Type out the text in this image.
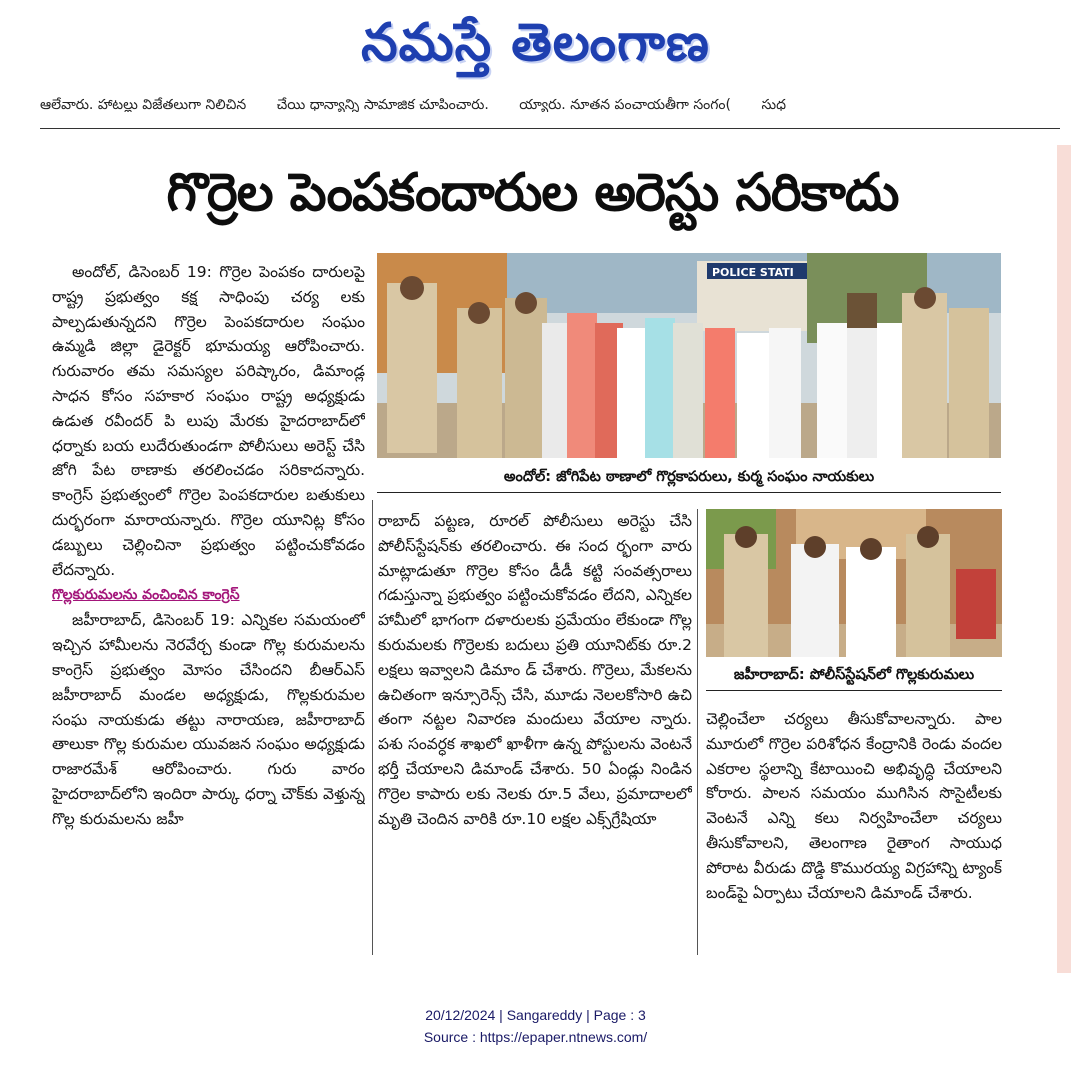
నమస్తే తెలంగాణ
ఆలేవారు. హాటల్లు విజేతలుగా నిలిచిన చేయి ధాన్యాన్ని సామాజిక చూపించారు. య్యారు. నూతన పంచాయతీగా సంగం( సుధ
గొర్రెల పెంపకందారుల అరెస్టు సరికాదు

అందోల్, డిసెంబర్ 19: గొర్రెల పెంపకం దారులపై రాష్ట్ర ప్రభుత్వం కక్ష సాధింపు చర్య లకు పాల్పడుతున్నదని గొర్రెల పెంపకదారుల సంఘం ఉమ్మడి జిల్లా డైరెక్టర్ భూమయ్య ఆరోపించారు. గురువారం తమ సమస్యల పరిష్కారం, డిమాండ్ల సాధన కోసం సహకార సంఘం రాష్ట్ర అధ్యక్షుడు ఉడుత రవీందర్ పి లుపు మేరకు హైదరాబాద్‌లో ధర్నాకు బయ లుదేరుతుండగా పోలీసులు అరెస్ట్ చేసి జోగి పేట ఠాణాకు తరలించడం సరికాదన్నారు. కాంగ్రెస్ ప్రభుత్వంలో గొర్రెల పెంపకదారుల బతుకులు దుర్భరంగా మారాయన్నారు. గొర్రెల యూనిట్ల కోసం డబ్బులు చెల్లించినా ప్రభుత్వం పట్టించుకోవడం లేదన్నారు.

గొల్లకురుమలను వంచించిన కాంగ్రెస్

జహీరాబాద్, డిసెంబర్ 19: ఎన్నికల సమయంలో ఇచ్చిన హామీలను నెరవేర్చ కుండా గొల్ల కురుమలను కాంగ్రెస్ ప్రభుత్వం మోసం చేసిందని బీఆర్ఎస్ జహీరాబాద్ మండల అధ్యక్షుడు, గొల్లకురుమల సంఘ నాయకుడు తట్టు నారాయణ, జహీరాబాద్ తాలుకా గొల్ల కురుమల యువజన సంఘం అధ్యక్షుడు రాజారమేశ్ ఆరోపించారు. గురు వారం హైదరాబాద్‌లోని ఇందిరా పార్కు ధర్నా చౌక్‌కు వెళ్తున్న గొల్ల కురుమలను జహీ

POLICE STATI
అందోల్: జోగిపేట ఠాణాలో గొర్లకాపరులు, కుర్మ సంఘం నాయకులు

రాబాద్ పట్టణ, రూరల్ పోలీసులు అరెస్టు చేసి పోలీస్‌స్టేషన్‌కు తరలించారు. ఈ సంద ర్భంగా వారు మాట్లాడుతూ గొర్రెల కోసం డీడీ కట్టి సంవత్సరాలు గడుస్తున్నా ప్రభుత్వం పట్టించుకోవడం లేదని, ఎన్నికల హామీలో భాగంగా దళారులకు ప్రమేయం లేకుండా గొల్ల కురుమలకు గొర్రెలకు బదులు ప్రతి యూనిట్‌కు రూ.2 లక్షలు ఇవ్వాలని డిమాం డ్ చేశారు. గొర్రెలు, మేకలను ఉచితంగా ఇన్సూరెన్స్ చేసి, మూడు నెలలకోసారి ఉచి తంగా నట్టల నివారణ మందులు వేయాల న్నారు. పశు సంవర్ధక శాఖలో ఖాళీగా ఉన్న పోస్టులను వెంటనే భర్తీ చేయాలని డిమాండ్ చేశారు. 50 ఏండ్లు నిండిన గొర్రెల కాపారు లకు నెలకు రూ.5 వేలు, ప్రమాదాలలో మృతి చెందిన వారికి రూ.10 లక్షల ఎక్స్‌గ్రేషియా

జహీరాబాద్: పోలీస్‌స్టేషన్‌లో గొల్లకురుమలు

చెల్లించేలా చర్యలు తీసుకోవాలన్నారు. పాల మూరులో గొర్రెల పరిశోధన కేంద్రానికి రెండు వందల ఎకరాల స్థలాన్ని కేటాయించి అభివృద్ధి చేయాలని కోరారు. పాలన సమయం ముగిసిన సొసైటీలకు వెంటనే ఎన్ని కలు నిర్వహించేలా చర్యలు తీసుకోవాలని, తెలంగాణ రైతాంగ సాయుధ పోరాట వీరుడు దొడ్డి కొమురయ్య విగ్రహాన్ని ట్యాంక్ బండ్‌పై ఏర్పాటు చేయాలని డిమాండ్ చేశారు.

20/12/2024 | Sangareddy | Page : 3
Source : https://epaper.ntnews.com/
